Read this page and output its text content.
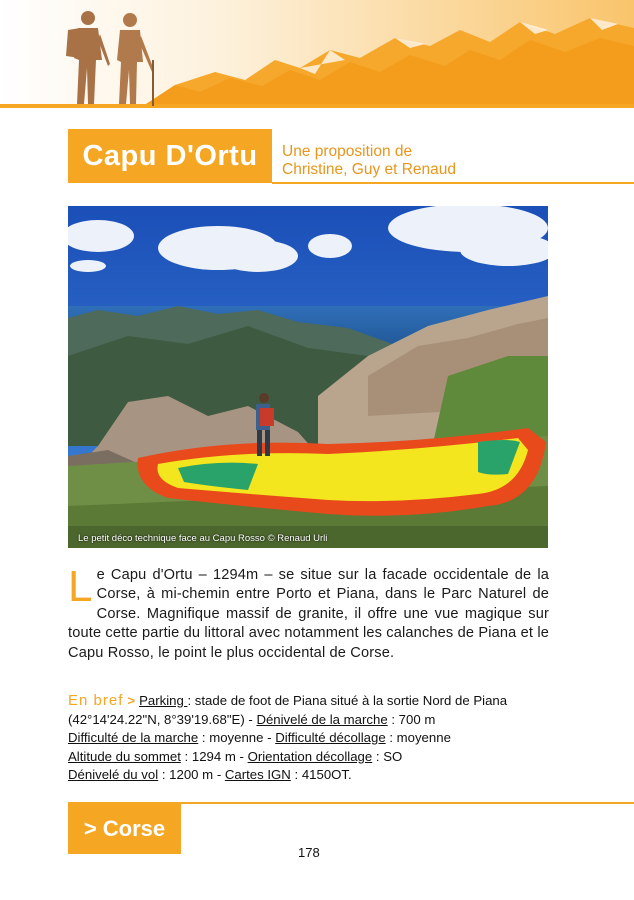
Capu D'Ortu Une proposition de
Christine, Guy et Renaud
Le petit déco technique face au Capu Rosso © Renaud Urli
Le Capu d'Ortu – 1294m – se situe sur la facade occidentale de la Corse, à mi-chemin entre Porto et Piana, dans le Parc Naturel de Corse. Magnifique massif de granite, il offre une vue magique sur toute cette partie du littoral avec notamment les calanches de Piana et le Capu Rosso, le point le plus occidental de Corse.
En bref > Parking : stade de foot de Piana situé à la sortie Nord de Piana
(42°14'24.22"N, 8°39'19.68"E) - Dénivelé de la marche : 700 m
Difficulté de la marche : moyenne - Difficulté décollage : moyenne
Altitude du sommet : 1294 m - Orientation décollage : SO
Dénivelé du vol : 1200 m - Cartes IGN : 4150OT.
> Corse
178
